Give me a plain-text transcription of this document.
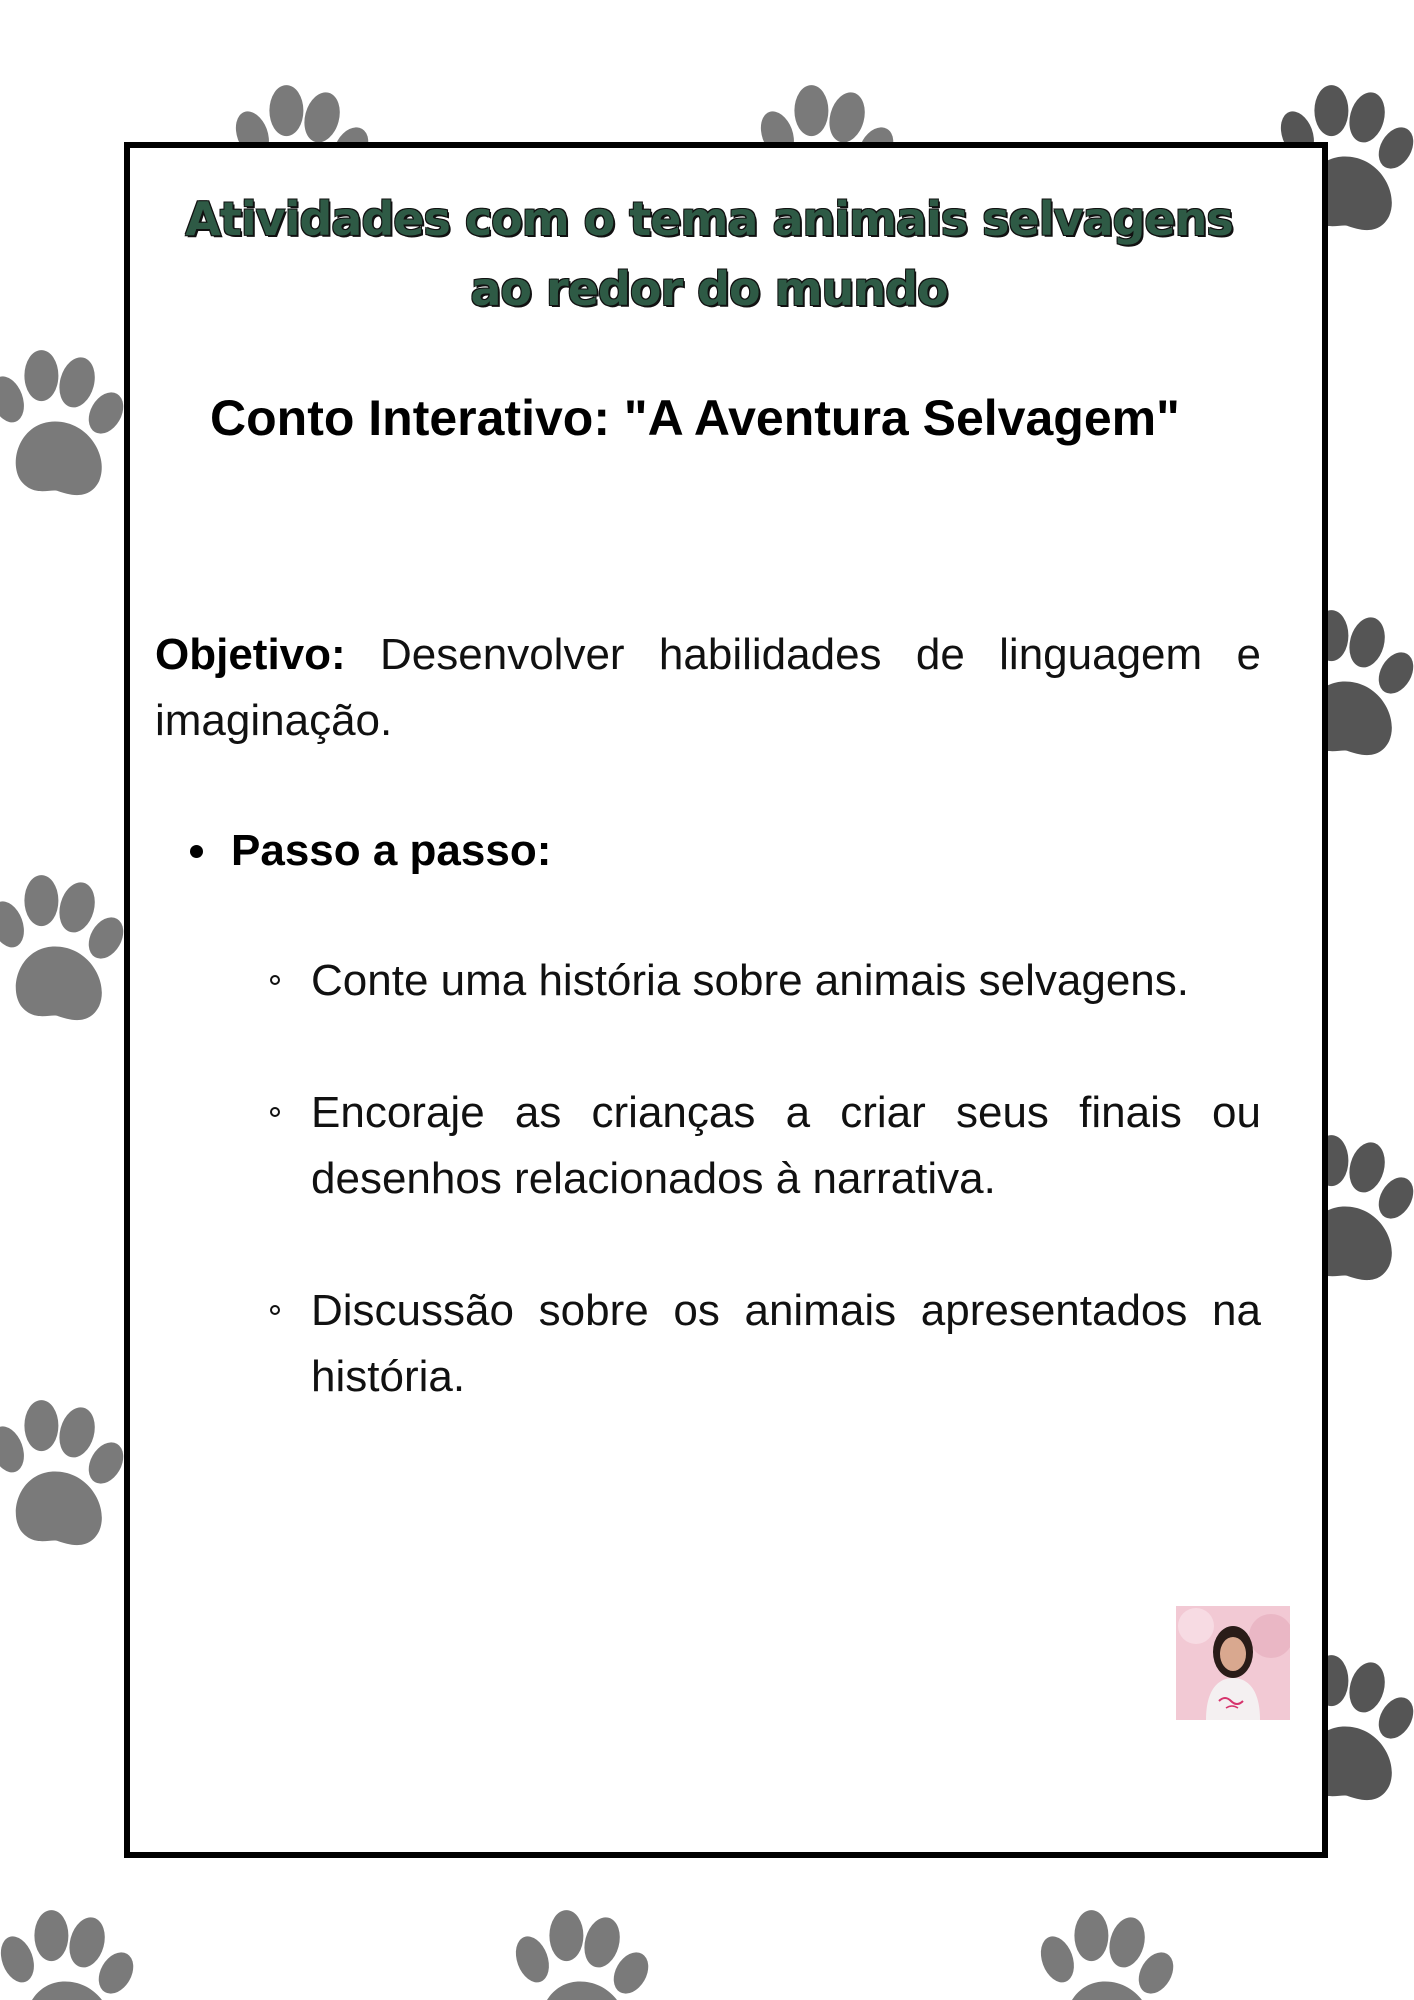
Atividades com o tema animais selvagens
ao redor do mundo
Conto Interativo: "A Aventura Selvagem"

Objetivo: Desenvolver habilidades de linguagem e imaginação.

Passo a passo:
Conte uma história sobre animais selvagens.
Encoraje as crianças a criar seus finais ou desenhos relacionados à narrativa.
Discussão sobre os animais apresentados na história.
